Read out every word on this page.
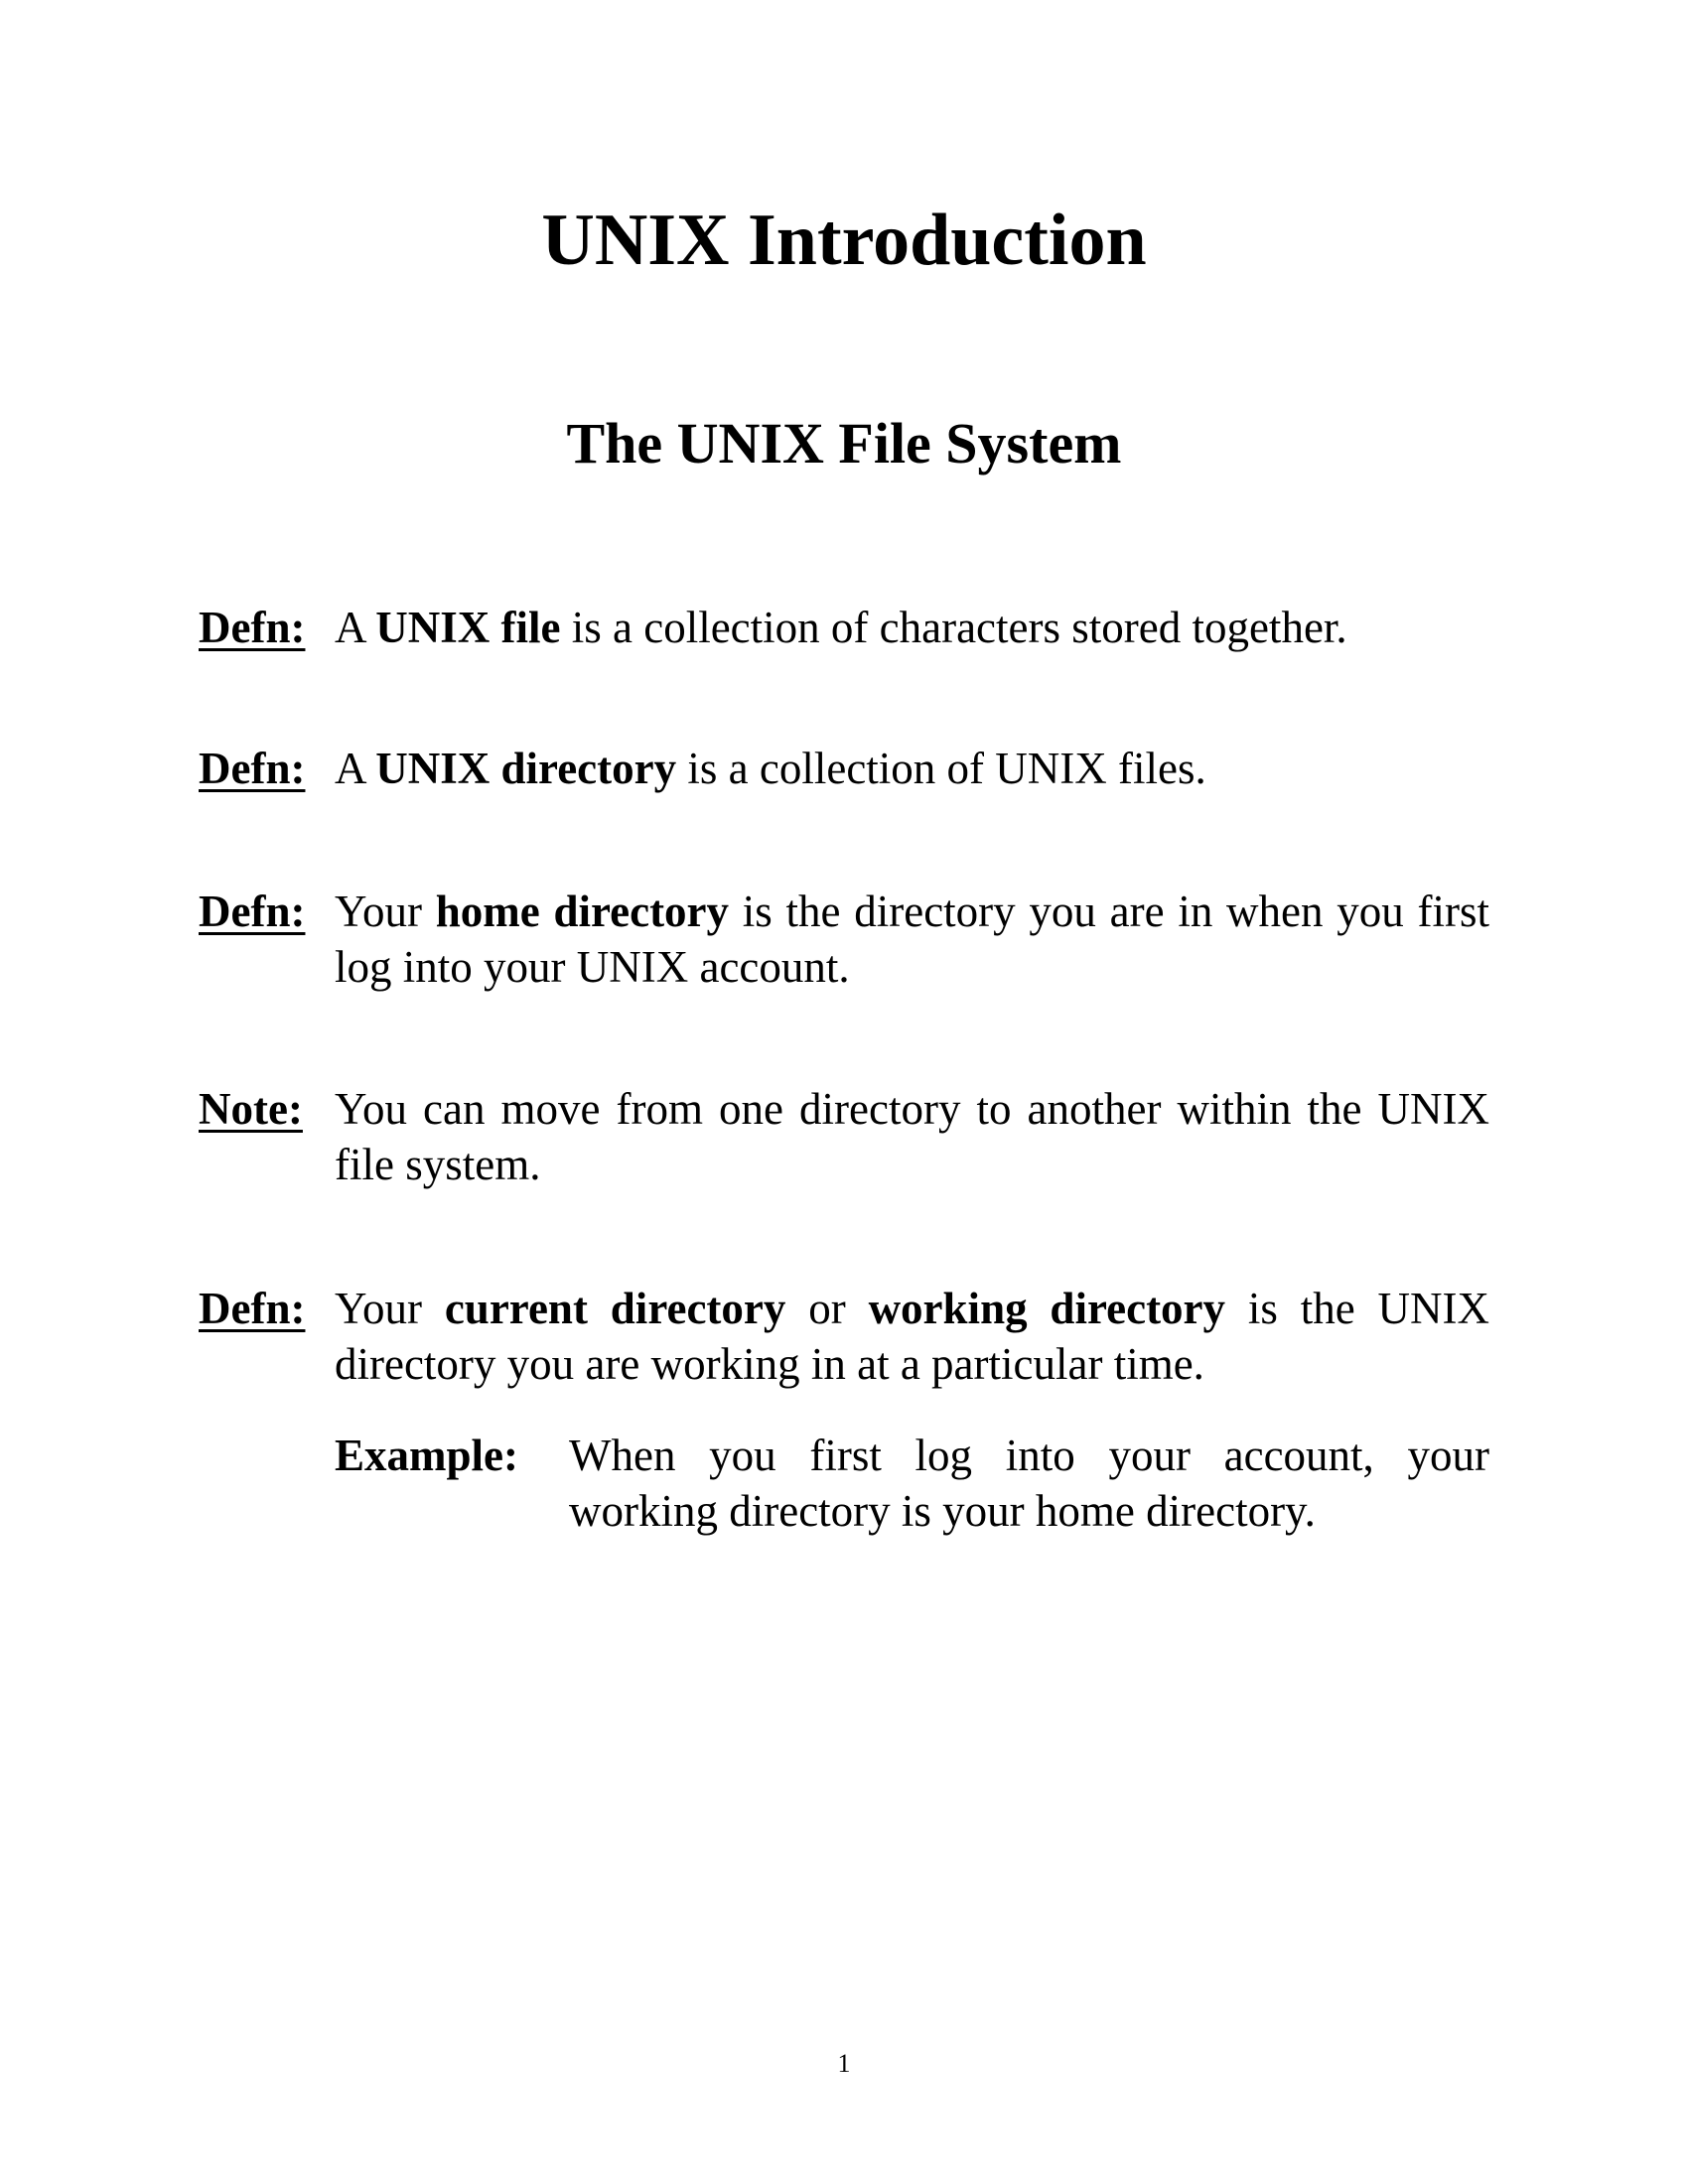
UNIX Introduction
The UNIX File System
Defn: A UNIX file is a collection of characters stored together.
Defn: A UNIX directory is a collection of UNIX files.
Defn: Your home directory is the directory you are in when you first log into your UNIX account.
Note: You can move from one directory to another within the UNIX file system.
Defn: Your current directory or working directory is the UNIX directory you are working in at a particular time.
Example: When you first log into your account, your working directory is your home directory.
1
